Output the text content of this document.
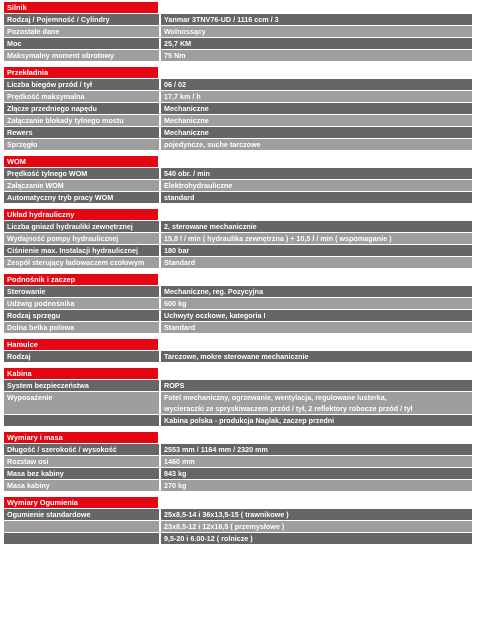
Silnik
Rodzaj / Pojemność / Cylindry	Yanmar 3TNV76-UD / 1116 ccm / 3
Pozostałe dane	Wolnossący
Moc	25,7 KM
Maksymalny moment obrotowy	75 Nm
Przekładnia
Liczba biegów przód / tył	06 / 02
Prędkość maksymalna	17,7 km / h
Złącze przedniego napędu	Mechaniczne
Załączanie blokady tylnego mostu	Mechaniczne
Rewers	Mechaniczne
Sprzęgło	pojedyncze, suche tarczowe
WOM
Prędkość tylnego WOM	540 obr. / min
Załączanie WOM	Elektrohydrauliczne
Automatyczny tryb pracy WOM	standard
Układ hydrauliczny
Liczba gniazd hydrauliki zewnętrznej	2, sterowane mechanicznie
Wydajność pompy hydraulicznej	15,8 l / min ( hydraulika zewnętrzna ) + 10,5 l / min ( wspomaganie )
Ciśnienie max. Instalacji hydraulicznej	180 bar
Zespół sterujący ładowaczem czołowym	Standard
Podnośnik i zaczep
Sterowanie	Mechaniczne, reg. Pozycyjna
Udźwig podnośnika	600 kg
Rodzaj sprzęgu	Uchwyty oczkowe, kategoria I
Dolna belka polowa	Standard
Hamulce
Rodzaj	Tarczowe, mokre sterowane mechanicznie
Kabina
System bezpieczeństwa	ROPS
Wyposażenie	Fotel mechaniczny, ogrzewanie, wentylacja, regulowane lusterka,
wycieraczki ze spryskiwaczem przód / tył, 2 reflektory robocze przód / tył
Kabina polska - produkcja Naglak, zaczep przedni
Wymiary i masa
Długość / szerokość / wysokość	2553 mm / 1164 mm / 2320 mm
Rozstaw osi	1460 mm
Masa bez kabiny	843 kg
Masa kabiny	270 kg
Wymiary Ogumienia
Ogumienie standardowe	25x8,5-14 i 36x13,5-15 ( trawnikowe )
23x8,5-12 i 12x16,5 ( przemysłowe )
9,5-20 i 6.00-12 ( rolnicze )
